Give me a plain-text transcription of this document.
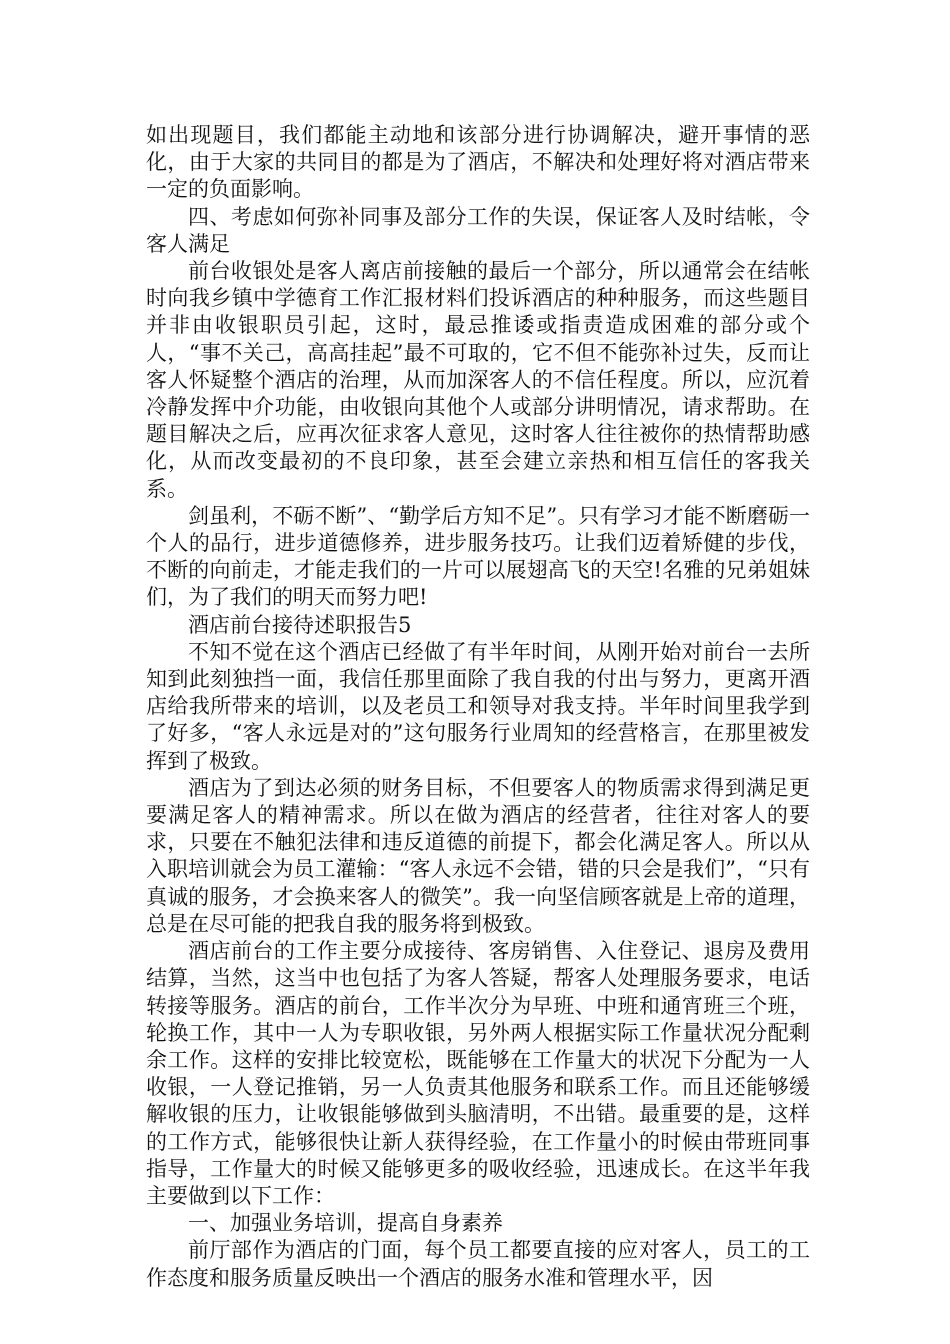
如出现题目，我们都能主动地和该部分进行协调解决，避开事情的恶化，由于大家的共同目的都是为了酒店，不解决和处理好将对酒店带来一定的负面影响。

四、考虑如何弥补同事及部分工作的失误，保证客人及时结帐，令客人满足

前台收银处是客人离店前接触的最后一个部分，所以通常会在结帐时向我乡镇中学德育工作汇报材料们投诉酒店的种种服务，而这些题目并非由收银职员引起，这时，最忌推诿或指责造成困难的部分或个人，“事不关己，高高挂起”最不可取的，它不但不能弥补过失，反而让客人怀疑整个酒店的治理，从而加深客人的不信任程度。所以，应沉着冷静发挥中介功能，由收银向其他个人或部分讲明情况，请求帮助。在题目解决之后，应再次征求客人意见，这时客人往往被你的热情帮助感化，从而改变最初的不良印象，甚至会建立亲热和相互信任的客我关系。

剑虽利，不砺不断”、“勤学后方知不足”。只有学习才能不断磨砺一个人的品行，进步道德修养，进步服务技巧。让我们迈着矫健的步伐，不断的向前走，才能走我们的一片可以展翅高飞的天空!名雅的兄弟姐妹们，为了我们的明天而努力吧!

酒店前台接待述职报告5

不知不觉在这个酒店已经做了有半年时间，从刚开始对前台一去所知到此刻独挡一面，我信任那里面除了我自我的付出与努力，更离开酒店给我所带来的培训，以及老员工和领导对我支持。半年时间里我学到了好多，“客人永远是对的”这句服务行业周知的经营格言，在那里被发挥到了极致。

酒店为了到达必须的财务目标，不但要客人的物质需求得到满足更要满足客人的精神需求。所以在做为酒店的经营者，往往对客人的要求，只要在不触犯法律和违反道德的前提下，都会化满足客人。所以从入职培训就会为员工灌输：“客人永远不会错，错的只会是我们”，“只有真诚的服务，才会换来客人的微笑”。我一向坚信顾客就是上帝的道理，总是在尽可能的把我自我的服务将到极致。

酒店前台的工作主要分成接待、客房销售、入住登记、退房及费用结算，当然，这当中也包括了为客人答疑，帮客人处理服务要求，电话转接等服务。酒店的前台，工作半次分为早班、中班和通宵班三个班，轮换工作，其中一人为专职收银，另外两人根据实际工作量状况分配剩余工作。这样的安排比较宽松，既能够在工作量大的状况下分配为一人收银，一人登记推销，另一人负责其他服务和联系工作。而且还能够缓解收银的压力，让收银能够做到头脑清明，不出错。最重要的是，这样的工作方式，能够很快让新人获得经验，在工作量小的时候由带班同事指导，工作量大的时候又能够更多的吸收经验，迅速成长。在这半年我主要做到以下工作：

一、加强业务培训，提高自身素养

前厅部作为酒店的门面，每个员工都要直接的应对客人，员工的工作态度和服务质量反映出一个酒店的服务水准和管理水平，因
